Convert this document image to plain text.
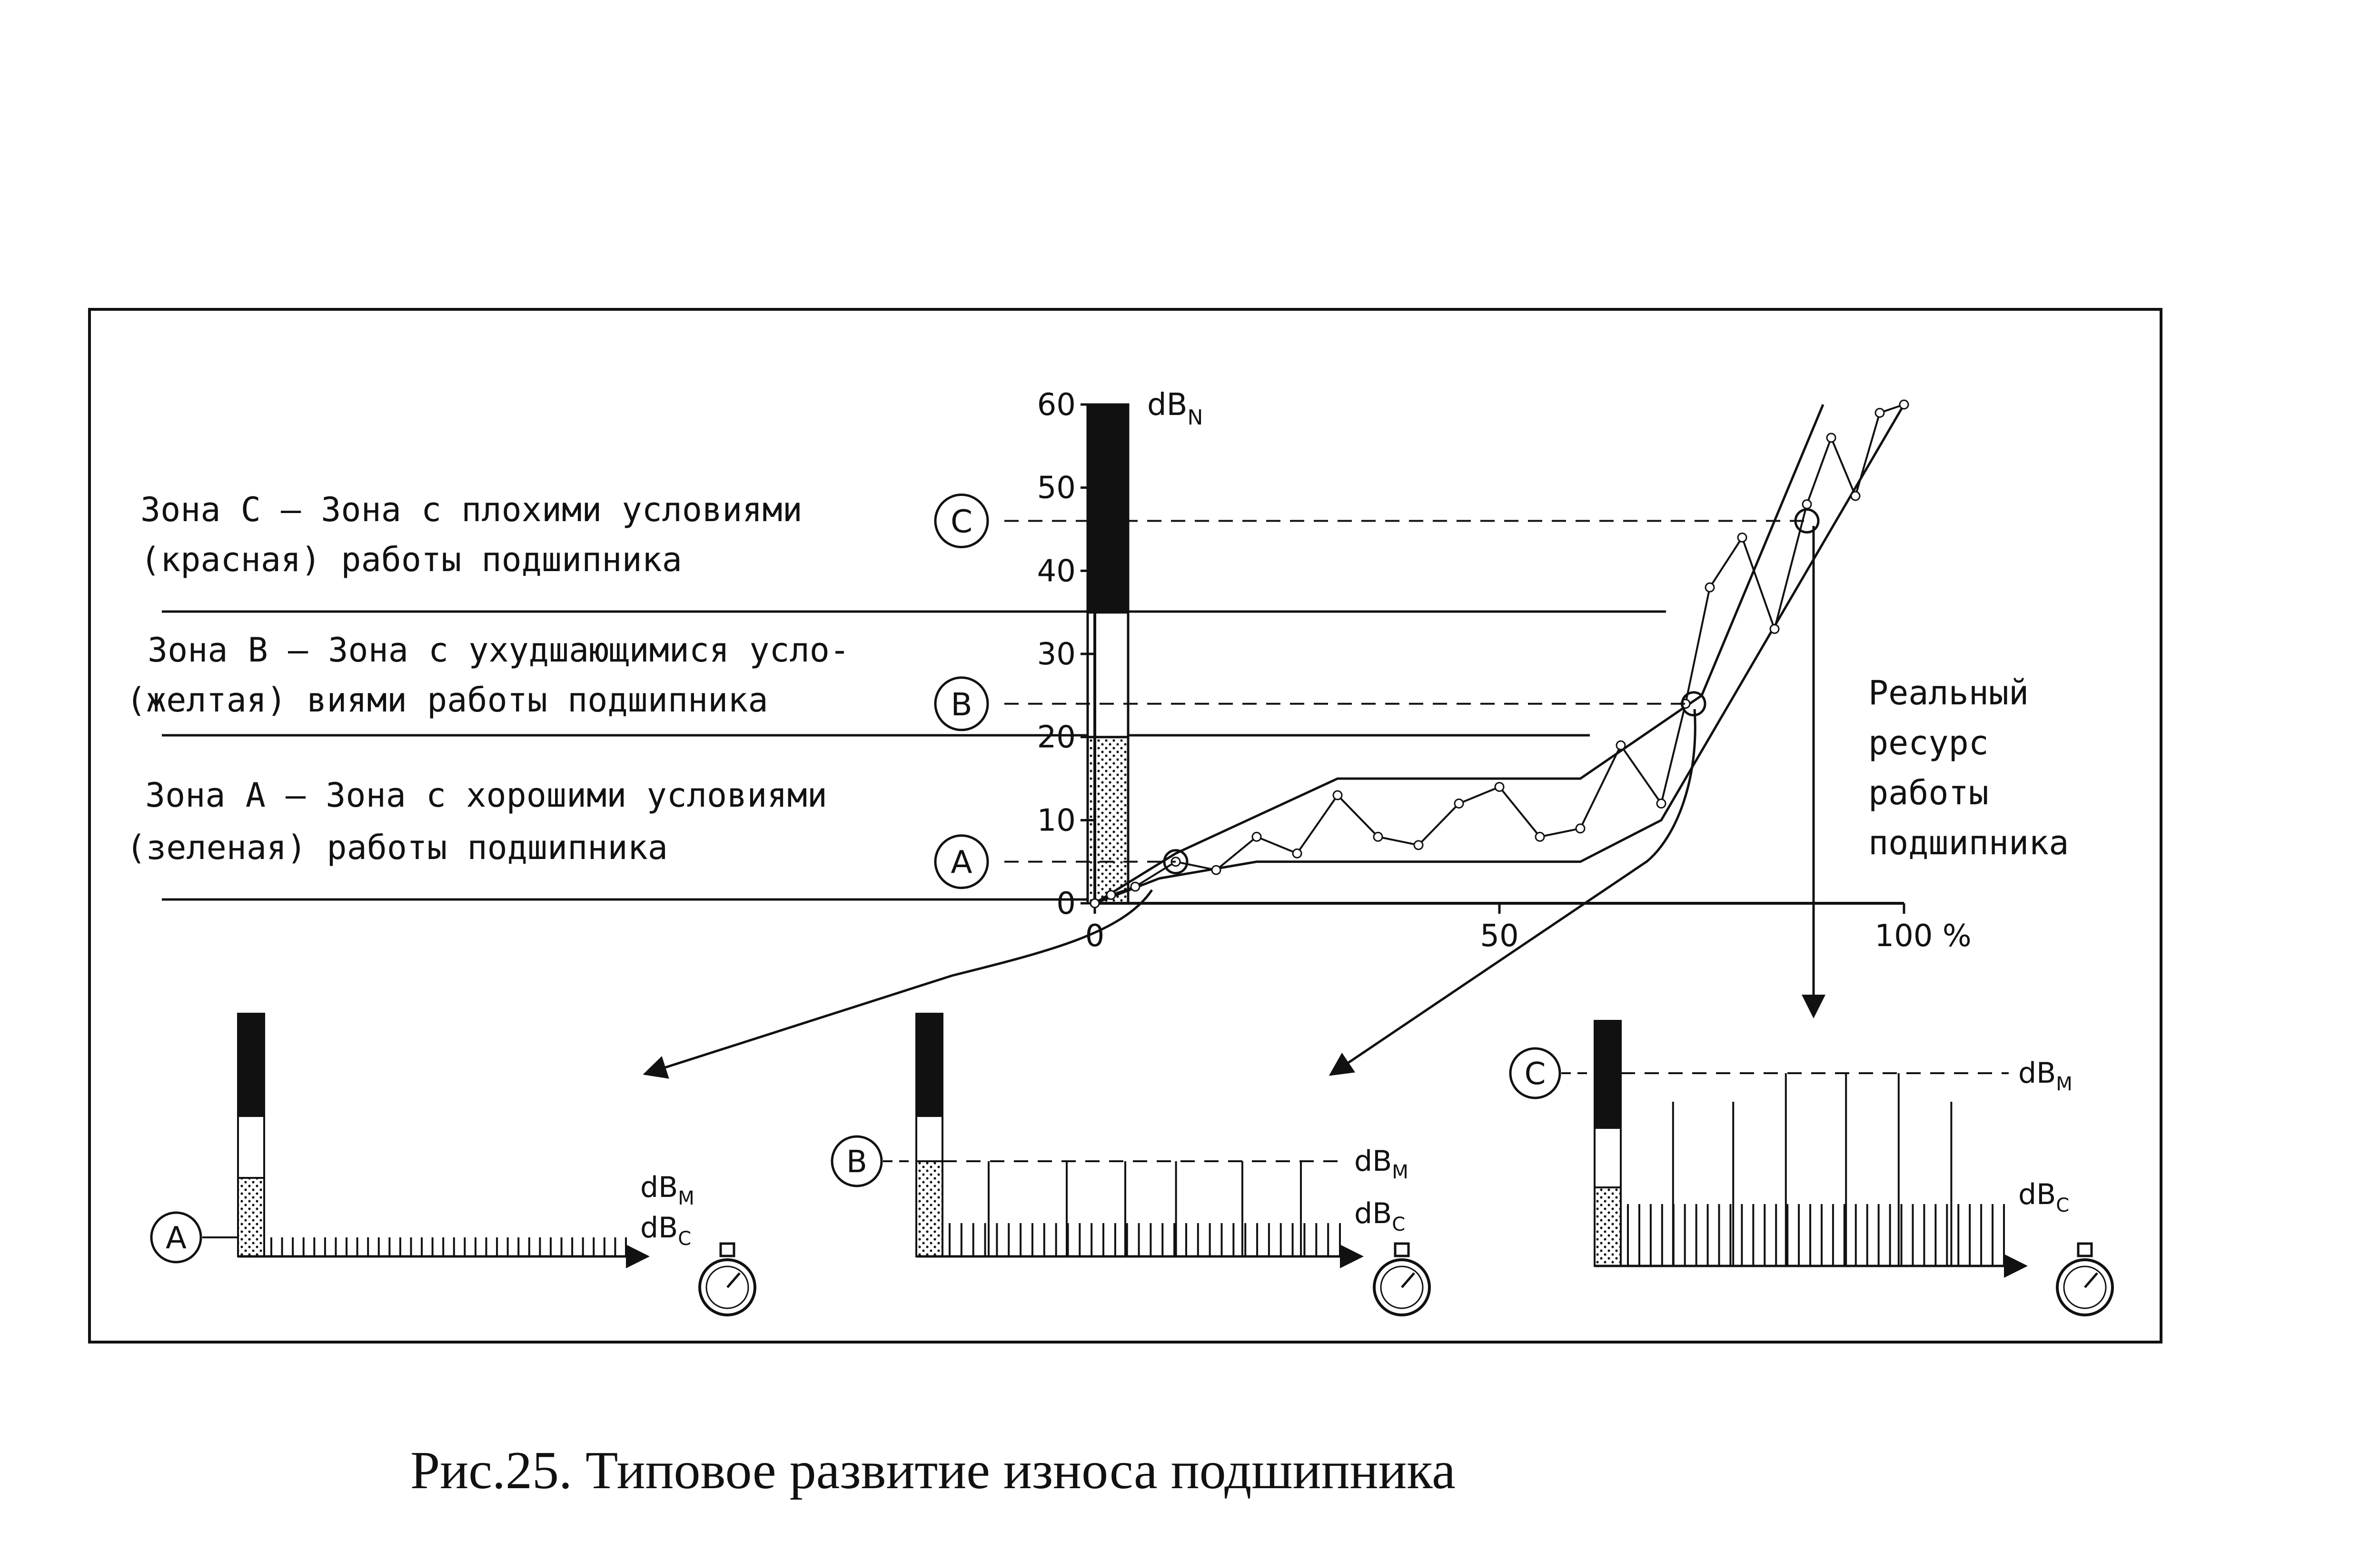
Зона С – Зона с плохими условиями
(красная) работы подшипника
Зона В – Зона с ухудшающимися усло-
(желтая) виями работы подшипника
Зона А – Зона с хорошими условиями
(зеленая) работы подшипника
0
10
20
30
40
50
60 $dB_N$
0	50	100 %
C
B
A
Реальный
ресурс
работы
подшипника
$dB_M$
$dB_C$
A
$dB_M$
$dB_C$
B
$dB_M$
$dB_C$
C
Рис.25. Типовое развитие износа подшипника
